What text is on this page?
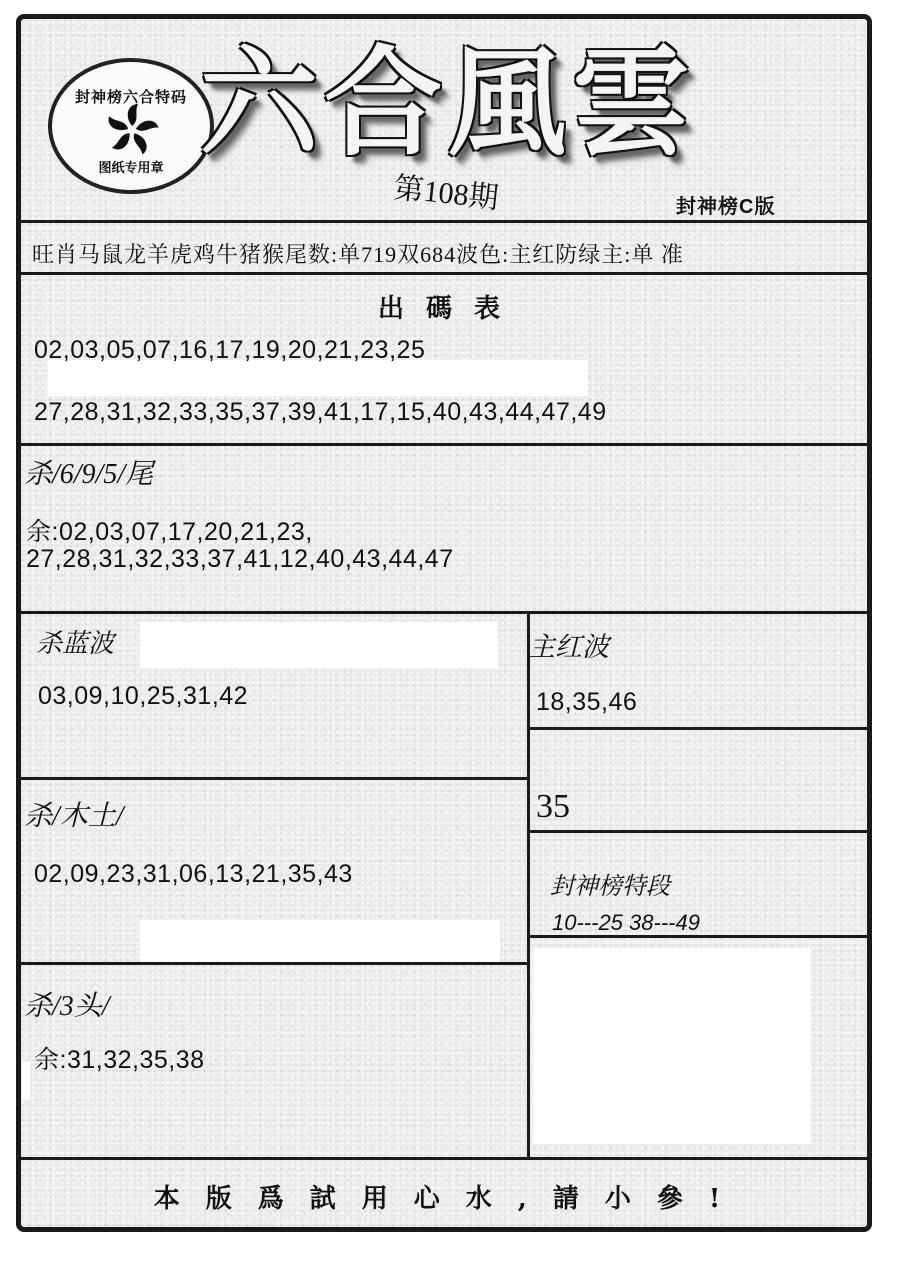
封神榜六合特码
图纸专用章 六合風雲
第108期	封神榜C版
旺肖马鼠龙羊虎鸡牛猪猴尾数:单719双684波色:主红防绿主:单 准
出碼表
02,03,05,07,16,17,19,20,21,23,25
27,28,31,32,33,35,37,39,41,17,15,40,43,44,47,49
杀/6/9/5/尾
余:02,03,07,17,20,21,23,
27,28,31,32,33,37,41,12,40,43,44,47
杀蓝波
03,09,10,25,31,42
主红波
18,35,46
35
杀/木土/
02,09,23,31,06,13,21,35,43	封神榜特段
10---25 38---49
杀/3头/
余:31,32,35,38
本版爲試用心水,請小參!
